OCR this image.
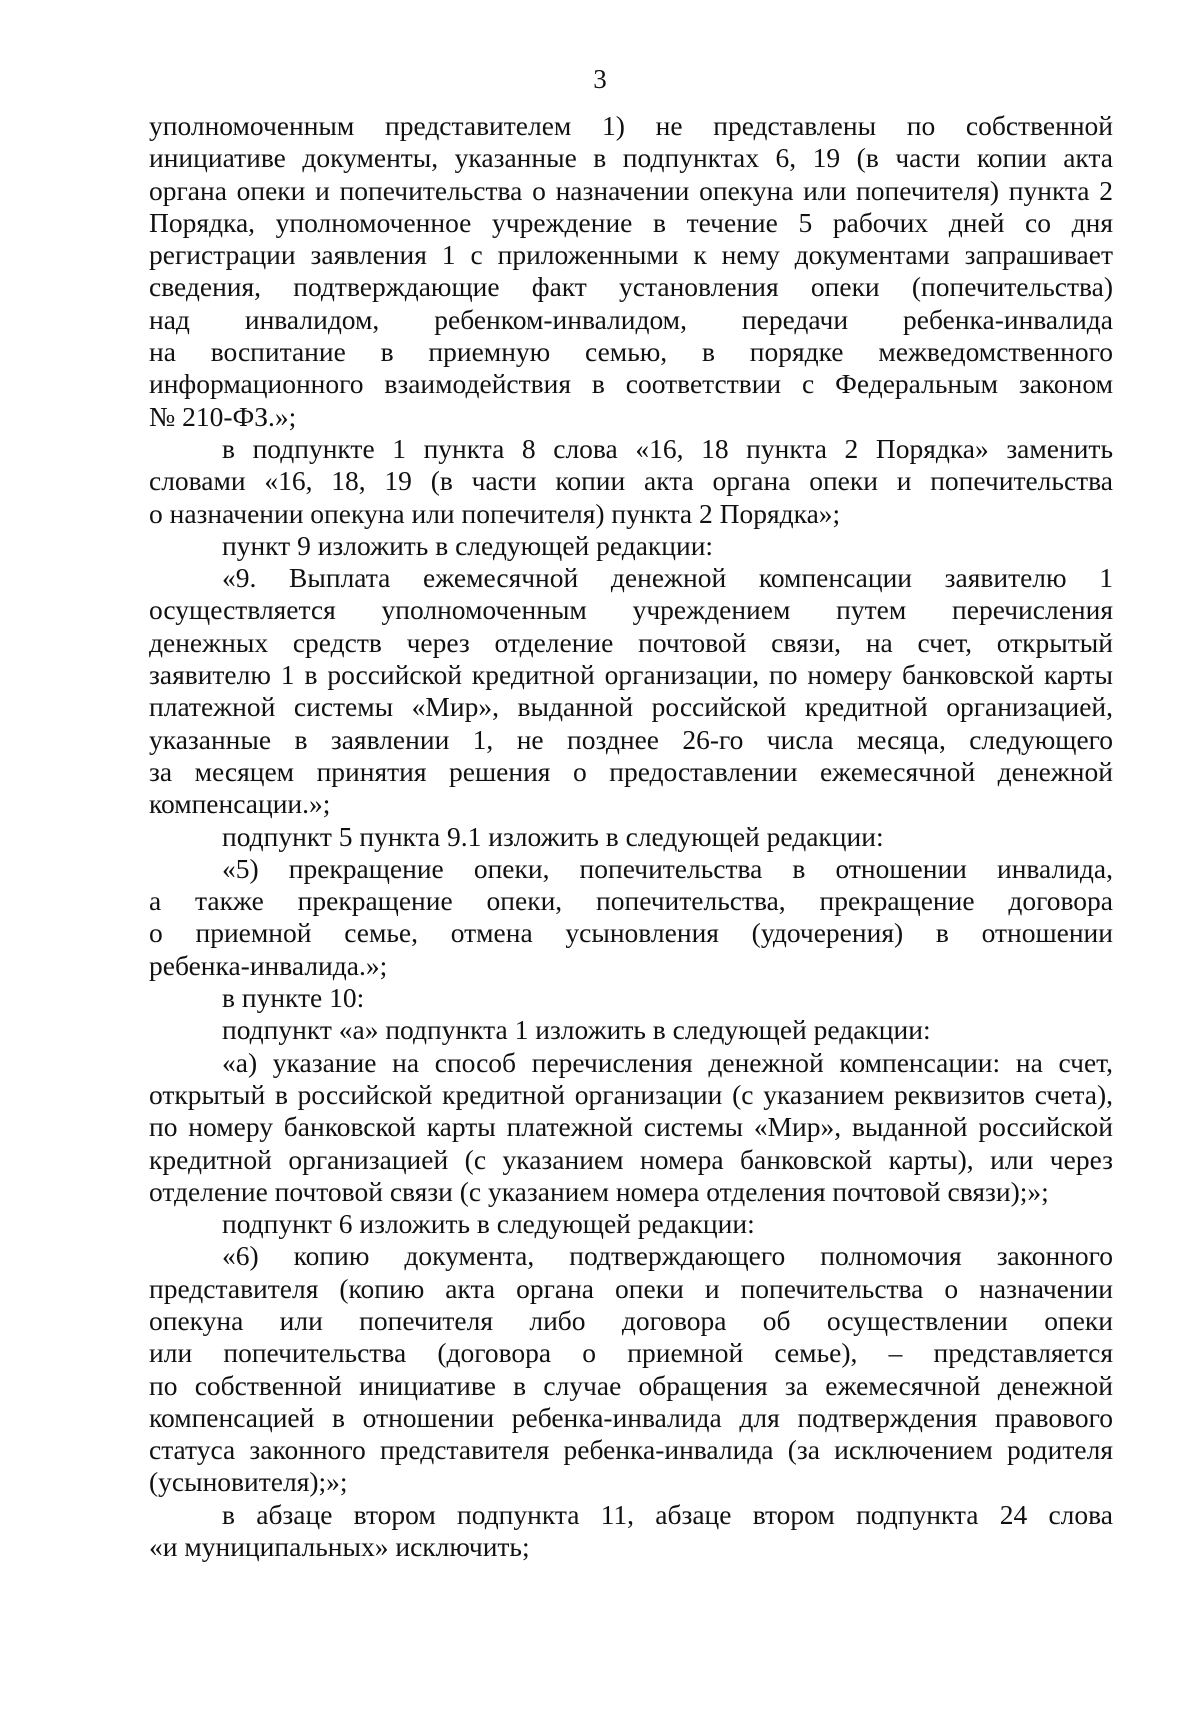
3
уполномоченным представителем 1) не представлены по собственной
инициативе документы, указанные в подпунктах 6, 19 (в части копии акта
органа опеки и попечительства о назначении опекуна или попечителя) пункта 2
Порядка, уполномоченное учреждение в течение 5 рабочих дней со дня
регистрации заявления 1 с приложенными к нему документами запрашивает
сведения, подтверждающие факт установления опеки (попечительства)
над инвалидом, ребенком-инвалидом, передачи ребенка-инвалида
на воспитание в приемную семью, в порядке межведомственного
информационного взаимодействия в соответствии с Федеральным законом
№ 210-ФЗ.»;
в подпункте 1 пункта 8 слова «16, 18 пункта 2 Порядка» заменить
словами «16, 18, 19 (в части копии акта органа опеки и попечительства
о назначении опекуна или попечителя) пункта 2 Порядка»;
пункт 9 изложить в следующей редакции:
«9. Выплата ежемесячной денежной компенсации заявителю 1
осуществляется уполномоченным учреждением путем перечисления
денежных средств через отделение почтовой связи, на счет, открытый
заявителю 1 в российской кредитной организации, по номеру банковской карты
платежной системы «Мир», выданной российской кредитной организацией,
указанные в заявлении 1, не позднее 26-го числа месяца, следующего
за месяцем принятия решения о предоставлении ежемесячной денежной
компенсации.»;
подпункт 5 пункта 9.1 изложить в следующей редакции:
«5) прекращение опеки, попечительства в отношении инвалида,
а также прекращение опеки, попечительства, прекращение договора
о приемной семье, отмена усыновления (удочерения) в отношении
ребенка-инвалида.»;
в пункте 10:
подпункт «а» подпункта 1 изложить в следующей редакции:
«а) указание на способ перечисления денежной компенсации: на счет,
открытый в российской кредитной организации (с указанием реквизитов счета),
по номеру банковской карты платежной системы «Мир», выданной российской
кредитной организацией (с указанием номера банковской карты), или через
отделение почтовой связи (с указанием номера отделения почтовой связи);»;
подпункт 6 изложить в следующей редакции:
«6) копию документа, подтверждающего полномочия законного
представителя (копию акта органа опеки и попечительства о назначении
опекуна или попечителя либо договора об осуществлении опеки
или попечительства (договора о приемной семье), – представляется
по собственной инициативе в случае обращения за ежемесячной денежной
компенсацией в отношении ребенка-инвалида для подтверждения правового
статуса законного представителя ребенка-инвалида (за исключением родителя
(усыновителя);»;
в абзаце втором подпункта 11, абзаце втором подпункта 24 слова
«и муниципальных» исключить;
